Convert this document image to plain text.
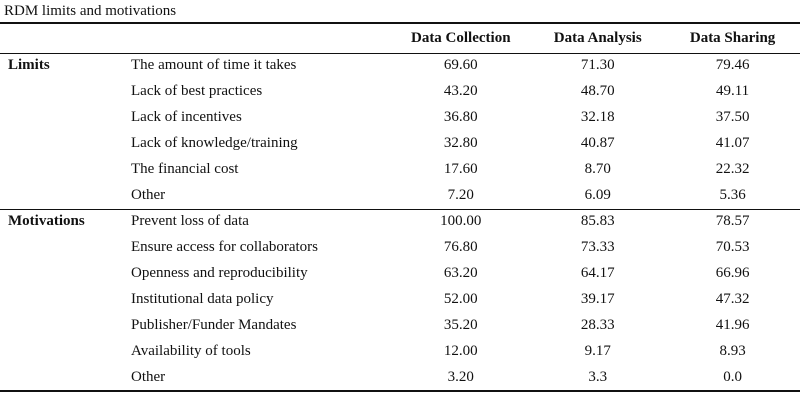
RDM limits and motivations
		Data Collection	Data Analysis	Data Sharing
Limits	The amount of time it takes	69.60	71.30	79.46
	Lack of best practices	43.20	48.70	49.11
	Lack of incentives	36.80	32.18	37.50
	Lack of knowledge/training	32.80	40.87	41.07
	The financial cost	17.60	8.70	22.32
	Other	7.20	6.09	5.36
Motivations	Prevent loss of data	100.00	85.83	78.57
	Ensure access for collaborators	76.80	73.33	70.53
	Openness and reproducibility	63.20	64.17	66.96
	Institutional data policy	52.00	39.17	47.32
	Publisher/Funder Mandates	35.20	28.33	41.96
	Availability of tools	12.00	9.17	8.93
	Other	3.20	3.3	0.0
